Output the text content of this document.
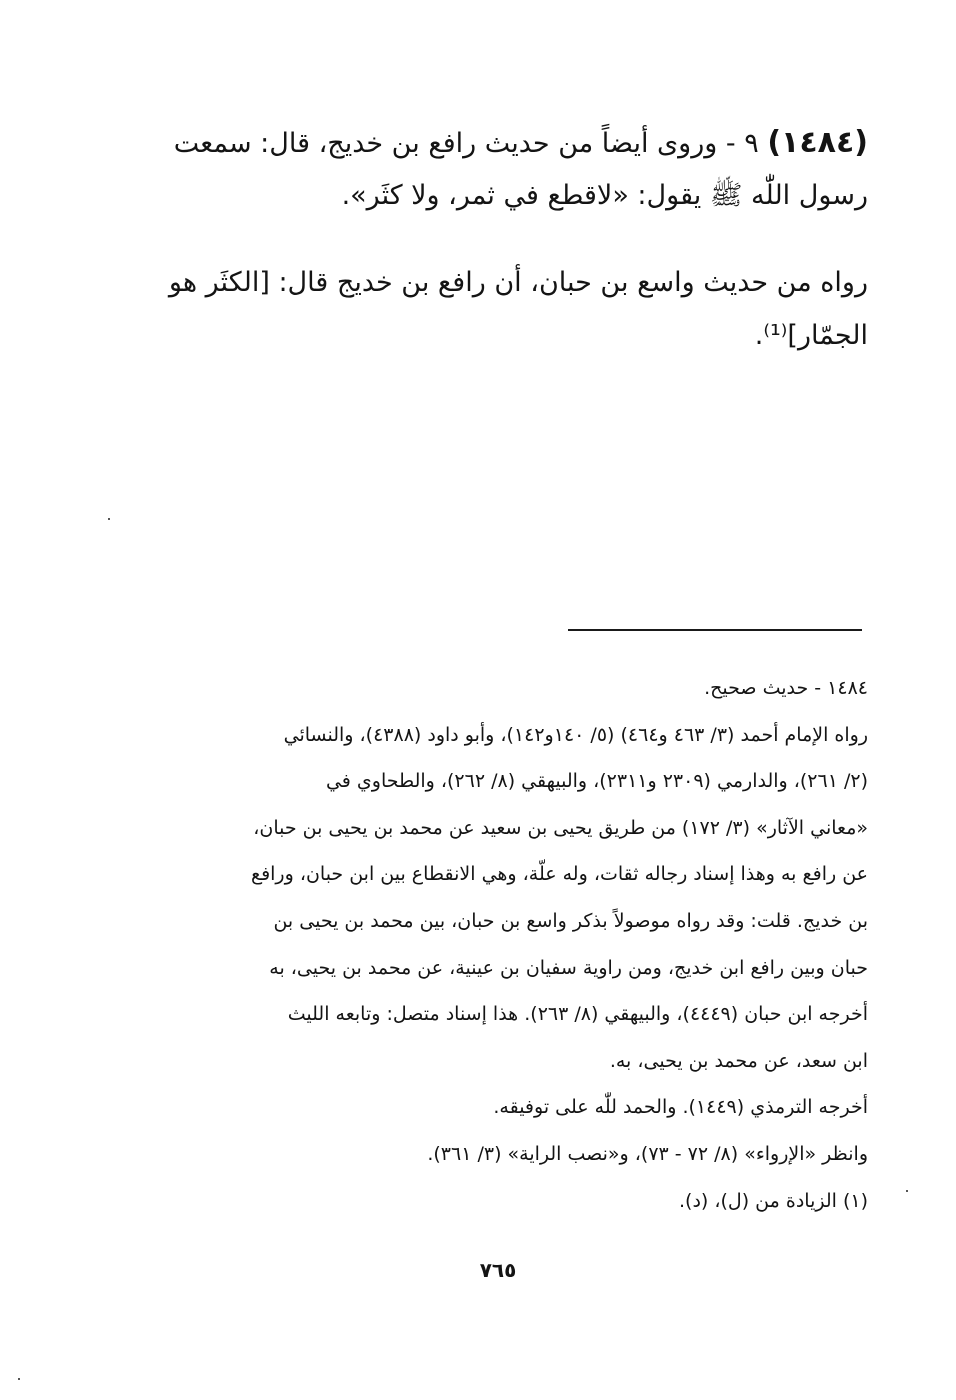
(١٤٨٤) ٩ - وروى أيضاً من حديث رافع بن خديج، قال: سمعت
رسول اللّٰه ﷺ يقول: «لاقطع في ثمر، ولا كثَر».
رواه من حديث واسع بن حبان، أن رافع بن خديج قال: [الكثَر هو
الجمّار]⁽¹⁾.
١٤٨٤ - حديث صحيح.
رواه الإمام أحمد (٣/ ٤٦٣ و٤٦٤) (٥/ ١٤٠و١٤٢)، وأبو داود (٤٣٨٨)، والنسائي
(٢/ ٢٦١)، والدارمي (٢٣٠٩ و٢٣١١)، والبيهقي (٨/ ٢٦٢)، والطحاوي في
«معاني الآثار» (٣/ ١٧٢) من طريق يحيى بن سعيد عن محمد بن يحيى بن حبان،
عن رافع به وهذا إسناد رجاله ثقات، وله علّة، وهي الانقطاع بين ابن حبان، ورافع
بن خديج. قلت: وقد رواه موصولاً بذكر واسع بن حبان، بين محمد بن يحيى بن
حبان وبين رافع ابن خديج، ومن راوية سفيان بن عينية، عن محمد بن يحيى، به
أخرجه ابن حبان (٤٤٤٩)، والبيهقي (٨/ ٢٦٣). هذا إسناد متصل: وتابعه الليث
ابن سعد، عن محمد بن يحيى، به.
أخرجه الترمذي (١٤٤٩). والحمد للّٰه على توفيقه.
وانظر «الإرواء» (٨/ ٧٢ - ٧٣)، و«نصب الراية» (٣/ ٣٦١).
(١) الزيادة من (ل)، (د).
٧٦٥
